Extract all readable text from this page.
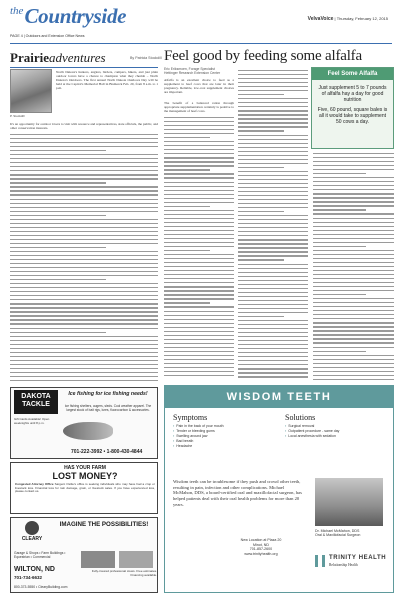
$^{the}$Countryside
PAGE 4 | Outdoors and Extension Office News
VelvaVoice | Thursday, February 12, 2015
Prairieadventures	By Patricia Stockdill
P. Stockdill
North Dakota's hunters, anglers, birders, campers, hikers, and just plain outdoor lovers have a chance to champion what they cherish – North Dakota's Outdoors. The first annual North Dakota Outdoors Day will be held at the Capitol's Memorial Hall in Bismarck Feb. 20, from 8 a.m. to 1 p.m.
It's an opportunity for outdoor lovers to visit with resource and representatives, state officials, the public, and other conservation interests.
DAKOTA TACKLE
Ice fishing for ice fishing needs!
Ice fishing shelters, augers, sleds. Cool weather apparel. The largest stock of bait rigs, lures, fluorocarbon & accessories.
Gift Cards Available! Open weeknights until 8 p.m.
701-222-3992 • 1-800-430-4844
HAS YOUR FARM
LOST MONEY?
Congested Attorney Office Sargent Ostlie's office is seeking individuals who may have had a crop or livestock loss. Financial loss for rain damage, grain, or livestock sales. If you have experienced loss, please contact us.
CLEARY
IMAGINE THE POSSIBILITIES!
Garage & Shops • Farm Buildings • Equestrian • Commercial
Fully-insured professional crews. Free estimates. Financing available.
WILTON, ND
701-734-6632
800-373-5550 • ClearyBuilding.com
Feel good by feeding some alfalfa
Eric Eriksmoen, Forage Specialist
Hettinger Research Extension Center
Alfalfa is an excellent choice to feed as a supplement to beef cows that are later in their pregnancy. Reliable, low-cost supplement choices are important.
The benefit of a balanced ration through appropriate supplementation certainly is positive to the management of beef cows.
Feel Some Alfalfa
Just supplement 5 to 7 pounds of alfalfa hay a day for good nutrition
Five, 60 pound, square bales is all it would take to supplement 50 cows a day.
WISDOM TEETH
Symptoms
▪ Pain in the back of your mouth
▪ Tender or bleeding gums
▪ Swelling around jaw
▪ Bad breath
▪ Headache
Solutions
▪ Surgical removal
▪ Outpatient procedure - same day
▪ Local anesthesia with sedation
Wisdom teeth can be troublesome if they push and crowd other teeth, resulting in pain, infection and other complications. Michael McMahon, DDS, a board-certified oral and maxillofacial surgeon, has helped patients deal with their oral health problems for more than 20 years.
Dr. Michael McMahon, DDS
Oral & Maxillofacial Surgeon
New Location at Plaza 20
Minot, ND
701-857-2600
www.trinityhealth.org
TRINITY HEALTH
Relationship Health
